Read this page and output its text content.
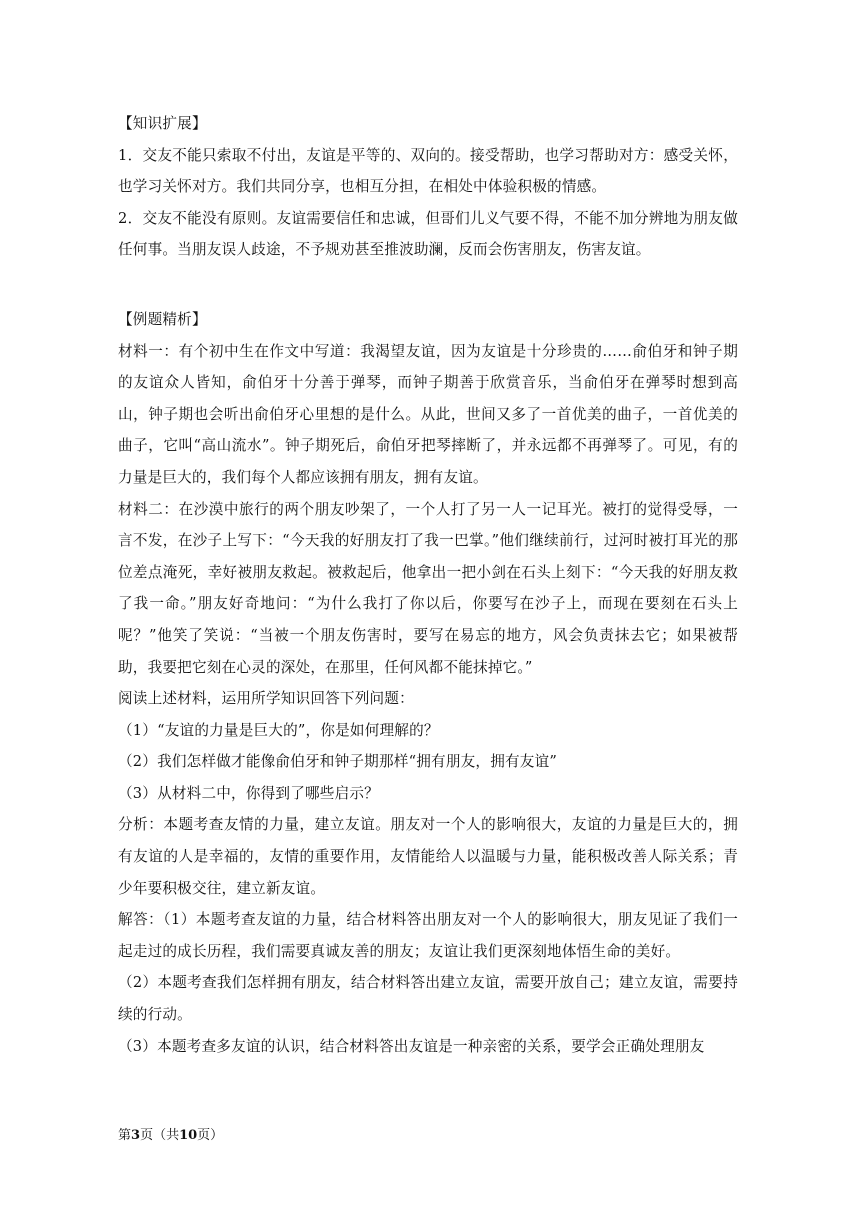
【知识扩展】

1．交友不能只索取不付出，友谊是平等的、双向的。接受帮助，也学习帮助对方：感受关怀，也学习关怀对方。我们共同分享，也相互分担，在相处中体验积极的情感。

2．交友不能没有原则。友谊需要信任和忠诚，但哥们儿义气要不得，不能不加分辨地为朋友做任何事。当朋友误人歧途，不予规劝甚至推波助澜，反而会伤害朋友，伤害友谊。

【例题精析】

材料一：有个初中生在作文中写道：我渴望友谊，因为友谊是十分珍贵的……俞伯牙和钟子期的友谊众人皆知，俞伯牙十分善于弹琴，而钟子期善于欣赏音乐，当俞伯牙在弹琴时想到高山，钟子期也会听出俞伯牙心里想的是什么。从此，世间又多了一首优美的曲子，一首优美的曲子，它叫“高山流水”。钟子期死后，俞伯牙把琴摔断了，并永远都不再弹琴了。可见，有的力量是巨大的，我们每个人都应该拥有朋友，拥有友谊。

材料二：在沙漠中旅行的两个朋友吵架了，一个人打了另一人一记耳光。被打的觉得受辱，一言不发，在沙子上写下：“今天我的好朋友打了我一巴掌。”他们继续前行，过河时被打耳光的那位差点淹死，幸好被朋友救起。被救起后，他拿出一把小剑在石头上刻下：“今天我的好朋友救了我一命。”朋友好奇地问：“为什么我打了你以后，你要写在沙子上，而现在要刻在石头上呢？”他笑了笑说：“当被一个朋友伤害时，要写在易忘的地方，风会负责抹去它；如果被帮助，我要把它刻在心灵的深处，在那里，任何风都不能抹掉它。”

阅读上述材料，运用所学知识回答下列问题：

（1）“友谊的力量是巨大的”，你是如何理解的？

（2）我们怎样做才能像俞伯牙和钟子期那样“拥有朋友，拥有友谊”

（3）从材料二中，你得到了哪些启示？

分析：本题考查友情的力量，建立友谊。朋友对一个人的影响很大，友谊的力量是巨大的，拥有友谊的人是幸福的，友情的重要作用，友情能给人以温暖与力量，能积极改善人际关系；青少年要积极交往，建立新友谊。

解答：（1）本题考查友谊的力量，结合材料答出朋友对一个人的影响很大，朋友见证了我们一起走过的成长历程，我们需要真诚友善的朋友；友谊让我们更深刻地体悟生命的美好。

（2）本题考查我们怎样拥有朋友，结合材料答出建立友谊，需要开放自己；建立友谊，需要持续的行动。

（3）本题考查多友谊的认识，结合材料答出友谊是一种亲密的关系，要学会正确处理朋友

第3页（共10页）
